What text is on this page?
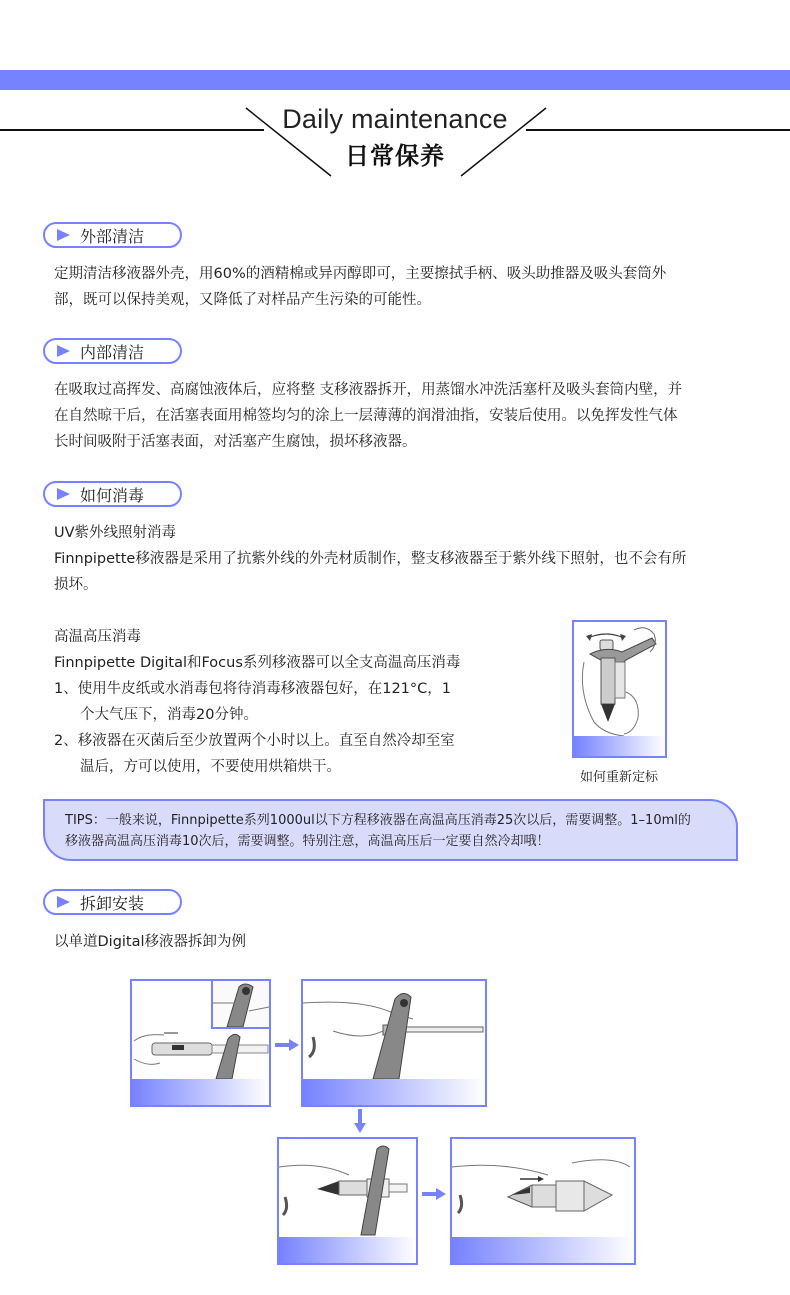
Daily maintenance
日常保养
外部清洁
定期清洁移液器外壳，用60%的酒精棉或异丙醇即可，主要擦拭手柄、吸头助推器及吸头套筒外
部，既可以保持美观，又降低了对样品产生污染的可能性。
内部清洁
在吸取过高挥发、高腐蚀液体后，应将整 支移液器拆开，用蒸馏水冲洗活塞杆及吸头套筒内壁，并
在自然晾干后，在活塞表面用棉签均匀的涂上一层薄薄的润滑油指，安装后使用。以免挥发性气体
长时间吸附于活塞表面，对活塞产生腐蚀，损坏移液器。
如何消毒
UV紫外线照射消毒
Finnpipette移液器是采用了抗紫外线的外壳材质制作，整支移液器至于紫外线下照射，也不会有所
损坏。
高温高压消毒
Finnpipette Digital和Focus系列移液器可以全支高温高压消毒
1、使用牛皮纸或水消毒包将待消毒移液器包好，在121°C，1
个大气压下，消毒20分钟。
2、移液器在灭菌后至少放置两个小时以上。直至自然冷却至室
温后，方可以使用，不要使用烘箱烘干。
如何重新定标
TIPS：一般来说，Finnpipette系列1000ul以下方程移液器在高温高压消毒25次以后，需要调整。1–10ml的
移液器高温高压消毒10次后，需要调整。特别注意，高温高压后一定要自然冷却哦！
拆卸安装
以单道Digital移液器拆卸为例
